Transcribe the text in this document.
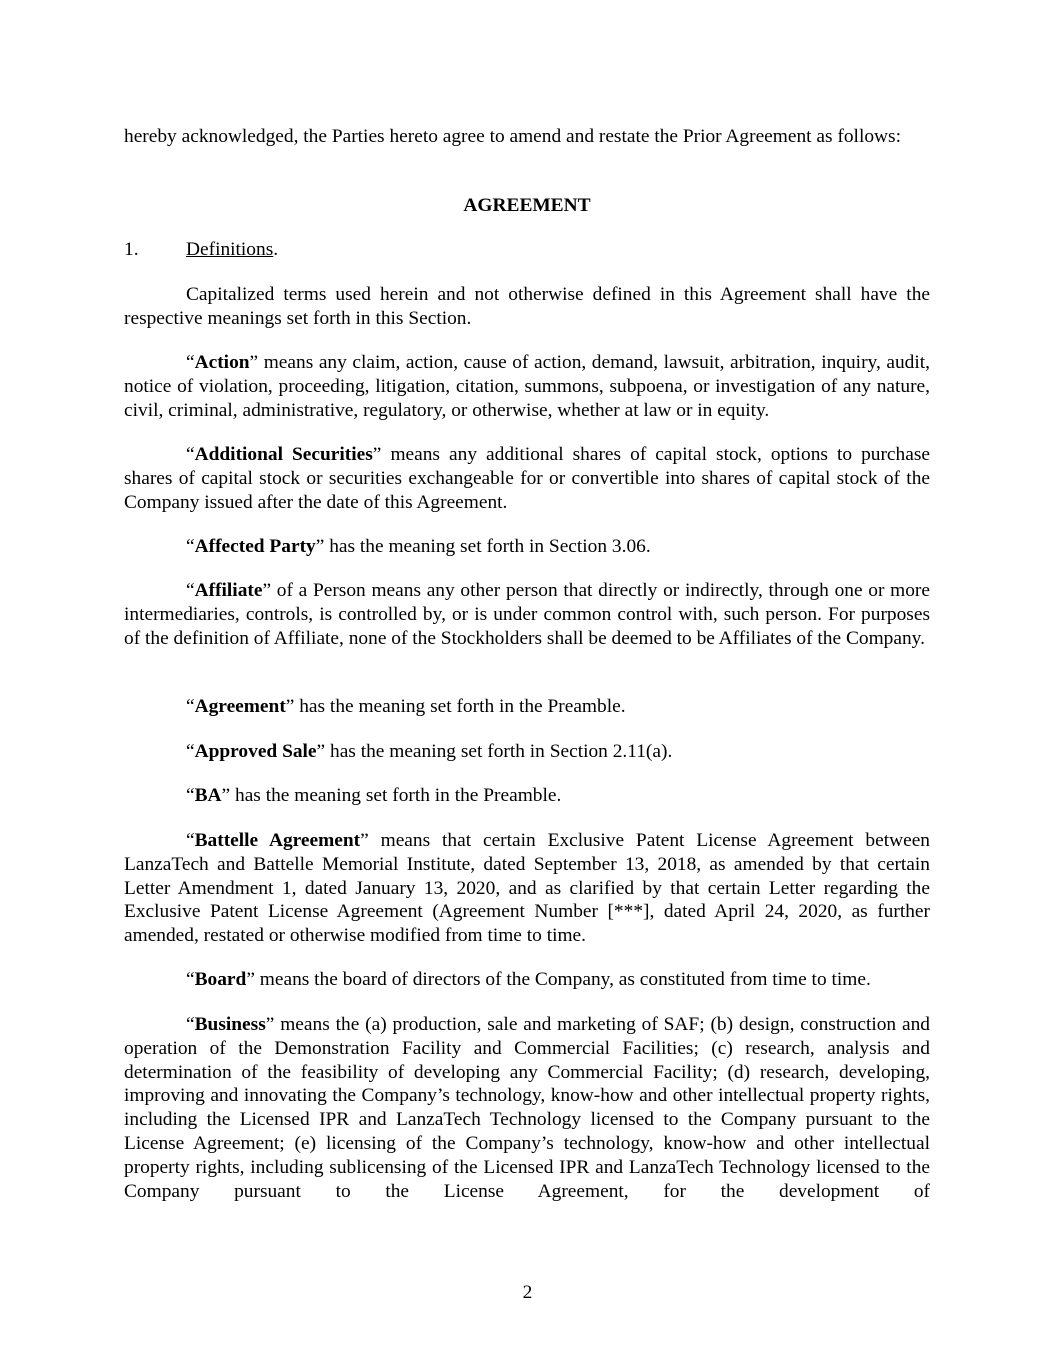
hereby acknowledged, the Parties hereto agree to amend and restate the Prior Agreement as follows:

AGREEMENT
1. Definitions.

Capitalized terms used herein and not otherwise defined in this Agreement shall have the respective meanings set forth in this Section.

“Action” means any claim, action, cause of action, demand, lawsuit, arbitration, inquiry, audit, notice of violation, proceeding, litigation, citation, summons, subpoena, or investigation of any nature, civil, criminal, administrative, regulatory, or otherwise, whether at law or in equity.

“Additional Securities” means any additional shares of capital stock, options to purchase shares of capital stock or securities exchangeable for or convertible into shares of capital stock of the Company issued after the date of this Agreement.

“Affected Party” has the meaning set forth in Section 3.06.

“Affiliate” of a Person means any other person that directly or indirectly, through one or more intermediaries, controls, is controlled by, or is under common control with, such person. For purposes of the definition of Affiliate, none of the Stockholders shall be deemed to be Affiliates of the Company.

“Agreement” has the meaning set forth in the Preamble.

“Approved Sale” has the meaning set forth in Section 2.11(a).

“BA” has the meaning set forth in the Preamble.

“Battelle Agreement” means that certain Exclusive Patent License Agreement between LanzaTech and Battelle Memorial Institute, dated September 13, 2018, as amended by that certain Letter Amendment 1, dated January 13, 2020, and as clarified by that certain Letter regarding the Exclusive Patent License Agreement (Agreement Number [***], dated April 24, 2020, as further amended, restated or otherwise modified from time to time.

“Board” means the board of directors of the Company, as constituted from time to time.

“Business” means the (a) production, sale and marketing of SAF; (b) design, construction and operation of the Demonstration Facility and Commercial Facilities; (c) research, analysis and determination of the feasibility of developing any Commercial Facility; (d) research, developing, improving and innovating the Company’s technology, know-how and other intellectual property rights, including the Licensed IPR and LanzaTech Technology licensed to the Company pursuant to the License Agreement; (e) licensing of the Company’s technology, know-how and other intellectual property rights, including sublicensing of the Licensed IPR and LanzaTech Technology licensed to the Company pursuant to the License Agreement, for the development of

2
